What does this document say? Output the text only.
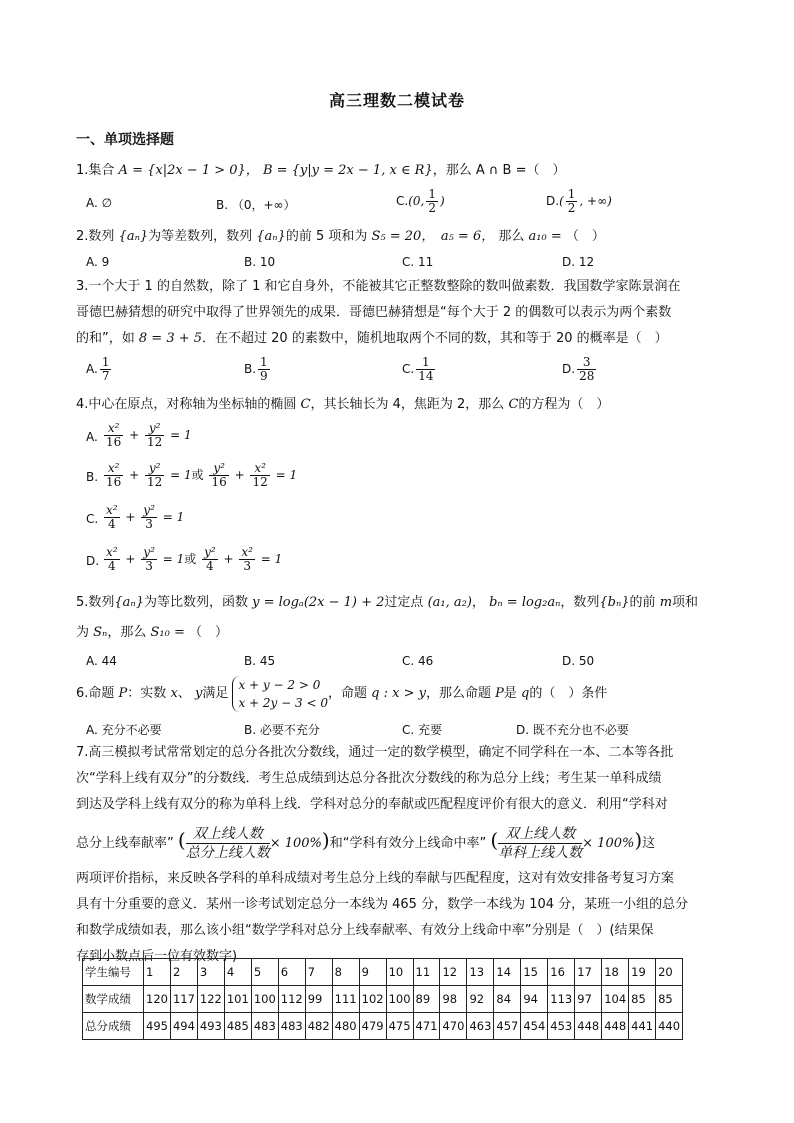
高三理数二模试卷
一、单项选择题
1.集合 A = {x|2x − 1 > 0}， B = {y|y = 2x − 1, x ∈ R}，那么 A ∩ B =（　）
A. ∅	B. （0，+∞）	C.(0, $\frac{1}{2}$ )	$D.( \frac{1}{2}$ , +∞)
2.数列 {aₙ}为等差数列，数列 {aₙ}的前 5 项和为 S₅ = 20，　a₅ = 6， 那么 a₁₀ = （　）
A. 9	B. 10	C. 11	D. 12
3.一个大于 1 的自然数，除了 1 和它自身外，不能被其它正整数整除的数叫做素数．我国数学家陈景润在
哥德巴赫猜想的研究中取得了世界领先的成果．哥德巴赫猜想是“每个大于 2 的偶数可以表示为两个素数
的和”，如 8 = 3 + 5．在不超过 20 的素数中，随机地取两个不同的数，其和等于 20 的概率是（　）
A. $\frac{1}{7}$	B. $\frac{1}{9}$	C. $\frac{1}{14}$	D. $\frac{3}{28}$
4.中心在原点，对称轴为坐标轴的椭圆 C，其长轴长为 4，焦距为 2，那么 C的方程为（　）
A. $\frac{\text{x²}}{16} + \frac{\text{y²}}{12} = 1$
B. $\frac{\text{x²}}{16} + \frac{\text{y²}}{12} = 1$或 $\frac{\text{y²}}{16} + \frac{\text{x²}}{12} = 1$
C. $\frac{\text{x²}}{4} + \frac{\text{y²}}{3} = 1$
D. $\frac{\text{x²}}{4} + \frac{\text{y²}}{3} = 1$或 $\frac{\text{y²}}{4} + \frac{\text{x²}}{3} = 1$
5.数列{aₙ}为等比数列，函数 y = logₐ(2x − 1) + 2过定点 (a₁, a₂)， bₙ = log₂aₙ，数列{bₙ}的前 m项和
为 Sₙ，那么 S₁₀ = （　）
A. 44	B. 45	C. 46	D. 50
6.命题 P：实数 x、 y满足
x + y − 2 > 0
x + 2y − 3 < 0
，命题 q : x > y，那么命题 P是 q的（　）条件
A. 充分不必要	B. 必要不充分	C. 充要	D. 既不充分也不必要
7.高三模拟考试常常划定的总分各批次分数线，通过一定的数学模型，确定不同学科在一本、二本等各批
次“学科上线有双分”的分数线．考生总成绩到达总分各批次分数线的称为总分上线；考生某一单科成绩
到达及学科上线有双分的称为单科上线．学科对总分的奉献或匹配程度评价有很大的意义．利用“学科对
总分上线奉献率” ( 双上线人数
总分上线人数
× 100%)和“学科有效分上线命中率” ( 双上线人数
单科上线人数
× 100%)这
两项评价指标，来反映各学科的单科成绩对考生总分上线的奉献与匹配程度，这对有效安排备考复习方案
具有十分重要的意义．某州一诊考试划定总分一本线为 465 分，数学一本线为 104 分，某班一小组的总分
和数学成绩如表，那么该小组“数学学科对总分上线奉献率、有效分上线命中率”分别是（　）(结果保
存到小数点后一位有效数字)
学生编号	1	2	3	4	5	6	7	8	9	10	11	12	13	14	15	16	17	18	19	20
数学成绩	120	117	122	101	100	112	99	111	102	100	89	98	92	84	94	113	97	104	85	85
总分成绩	495	494	493	485	483	483	482	480	479	475	471	470	463	457	454	453	448	448	441	440
